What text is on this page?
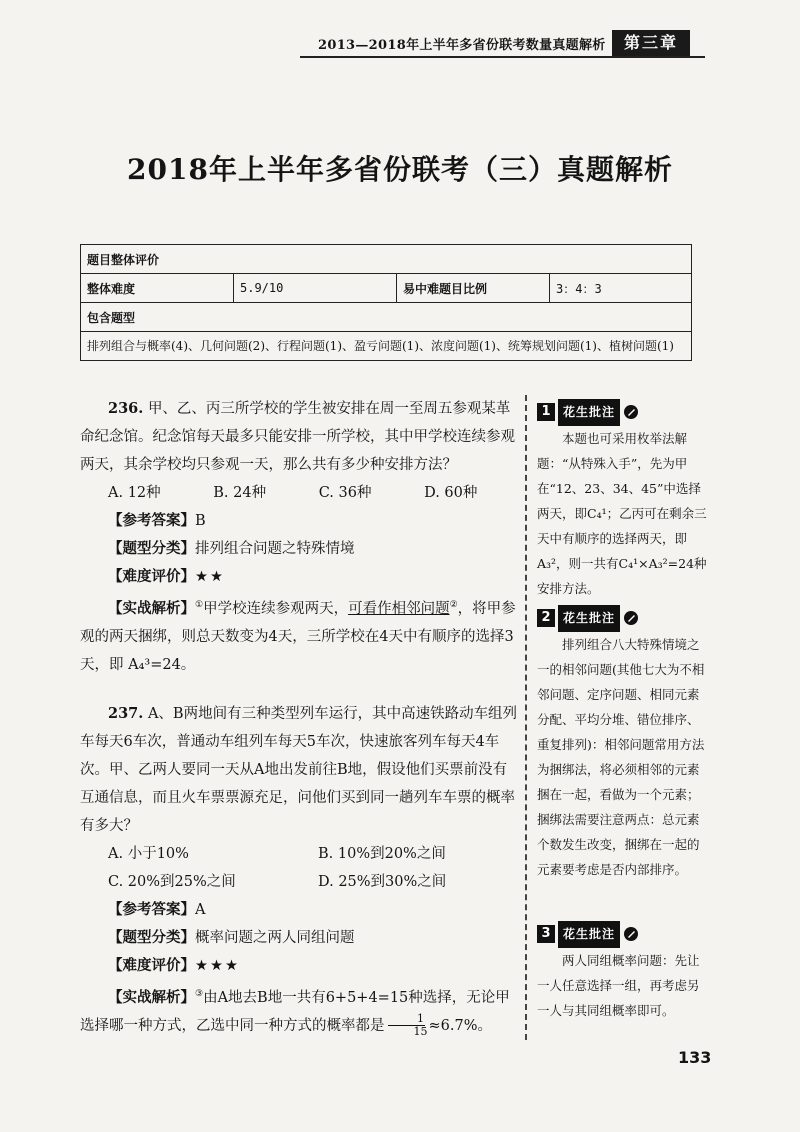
2013—2018年上半年多省份联考数量真题解析	第三章
2018年上半年多省份联考（三）真题解析
题目整体评价
整体难度	5.9/10	易中难题目比例	3：4：3
包含题型
排列组合与概率(4)、几何问题(2)、行程问题(1)、盈亏问题(1)、浓度问题(1)、统筹规划问题(1)、植树问题(1)

236. 甲、乙、丙三所学校的学生被安排在周一至周五参观某革命纪念馆。纪念馆每天最多只能安排一所学校，其中甲学校连续参观两天，其余学校均只参观一天，那么共有多少种安排方法？

A. 12种	B. 24种	C. 36种	D. 60种

【参考答案】B

【题型分类】排列组合问题之特殊情境

【难度评价】★★

【实战解析】①甲学校连续参观两天，可看作相邻问题②，将甲参观的两天捆绑，则总天数变为4天，三所学校在4天中有顺序的选择3天，即 A₄³=24。

237. A、B两地间有三种类型列车运行，其中高速铁路动车组列车每天6车次，普通动车组列车每天5车次，快速旅客列车每天4车次。甲、乙两人要同一天从A地出发前往B地，假设他们买票前没有互通信息，而且火车票票源充足，问他们买到同一趟列车车票的概率有多大？

A. 小于10%	B. 10%到20%之间
C. 20%到25%之间	D. 25%到30%之间

【参考答案】A

【题型分类】概率问题之两人同组问题

【难度评价】★★★

【实战解析】③由A地去B地一共有6+5+4=15种选择，无论甲选择哪一种方式，乙选中同一种方式的概率都是 $\frac{1}{15} \approx 6.7\%$。

1	花生批注

本题也可采用枚举法解题：“从特殊入手”，先为甲在“12、23、34、45”中选择两天，即C₄¹；乙丙可在剩余三天中有顺序的选择两天，即A₃²，则一共有C₄¹×A₃²=24种安排方法。

2	花生批注

排列组合八大特殊情境之一的相邻问题(其他七大为不相邻问题、定序问题、相同元素分配、平均分堆、错位排序、重复排列)：相邻问题常用方法为捆绑法，将必须相邻的元素捆在一起，看做为一个元素；捆绑法需要注意两点：总元素个数发生改变，捆绑在一起的元素要考虑是否内部排序。

3	花生批注

两人同组概率问题：先让一人任意选择一组，再考虑另一人与其同组概率即可。

133
